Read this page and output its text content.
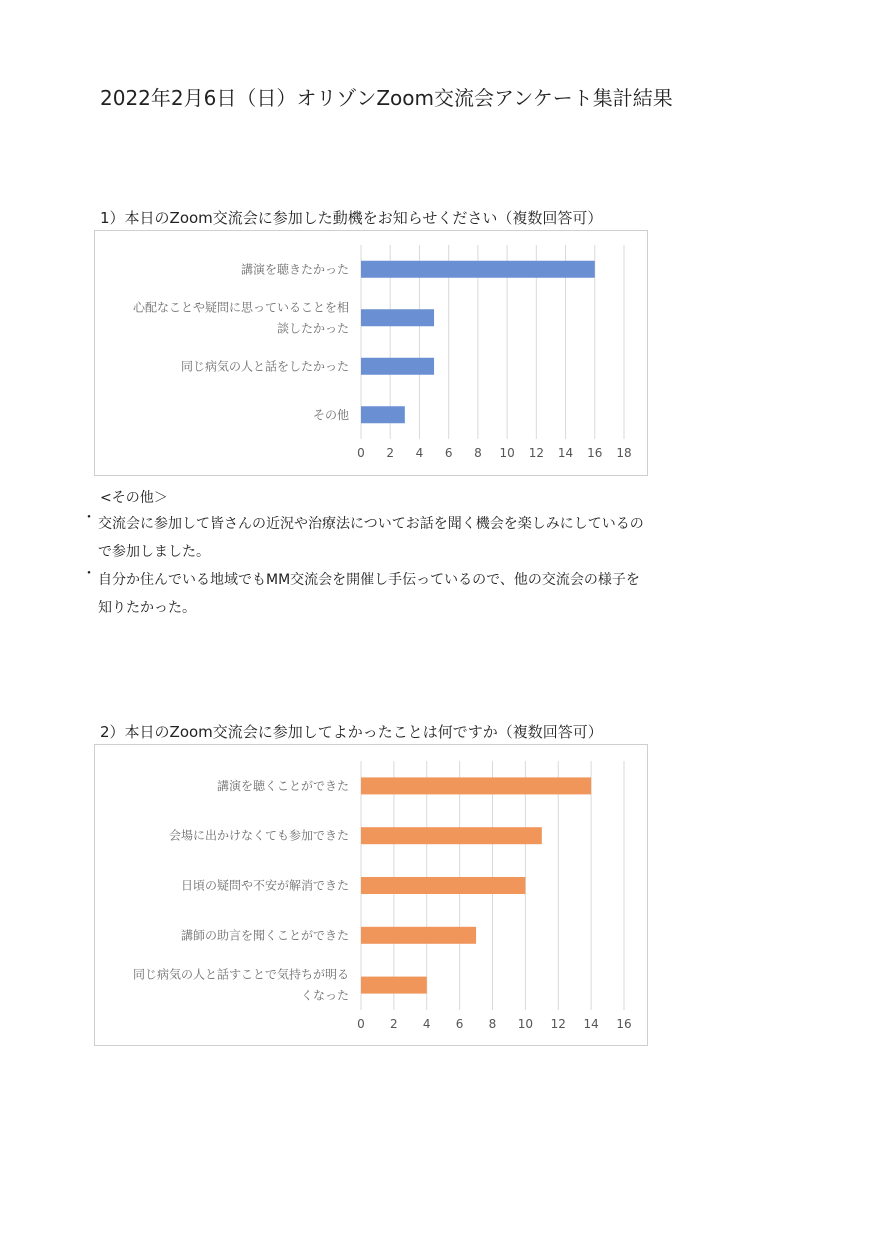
2022年2月6日（日）オリゾンZoom交流会アンケート集計結果
1）本日のZoom交流会に参加した動機をお知らせください（複数回答可）
0 2 4 6 8 10 12 14 16 18
講演を聴きたかった
心配なことや疑問に思っていることを相
談したかった
同じ病気の人と話をしたかった
その他
<その他＞
・ 交流会に参加して皆さんの近況や治療法についてお話を聞く機会を楽しみにしているの
で参加しました。
・ 自分か住んでいる地域でもMM交流会を開催し手伝っているので、他の交流会の様子を
知りたかった。
2）本日のZoom交流会に参加してよかったことは何ですか（複数回答可）
0 2 4 6 8 10 12 14 16
講演を聴くことができた
会場に出かけなくても参加できた
日頃の疑問や不安が解消できた
講師の助言を聞くことができた
同じ病気の人と話すことで気持ちが明る
くなった
